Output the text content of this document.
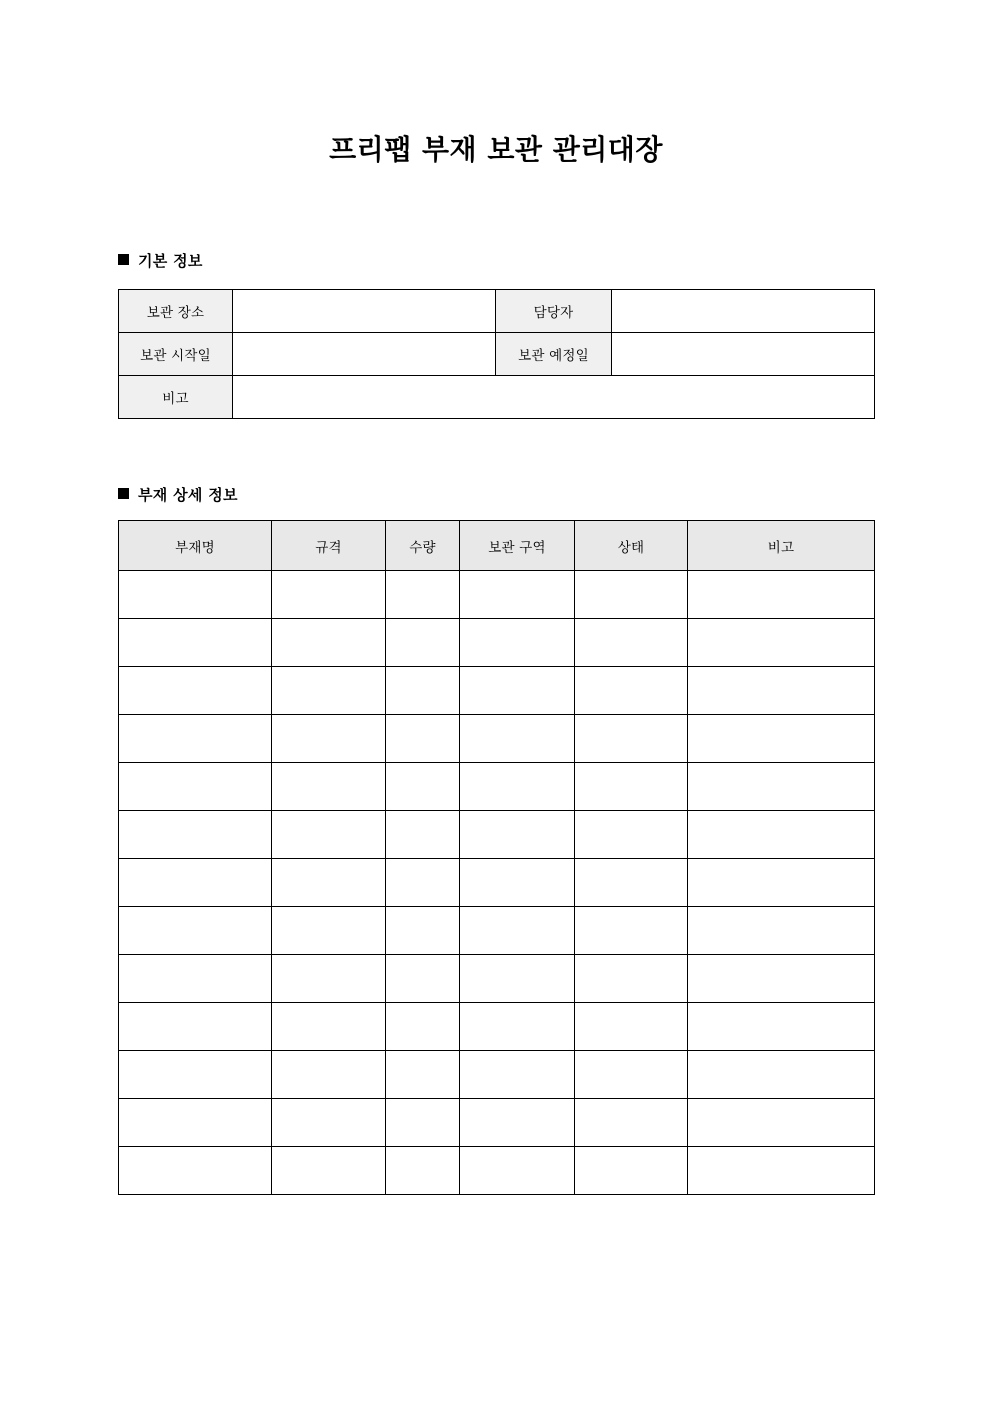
프리팹 부재 보관 관리대장
기본 정보
보관 장소		담당자	
보관 시작일		보관 예정일	
비고			
부재 상세 정보
부재명	규격	수량	보관 구역	상태	비고
